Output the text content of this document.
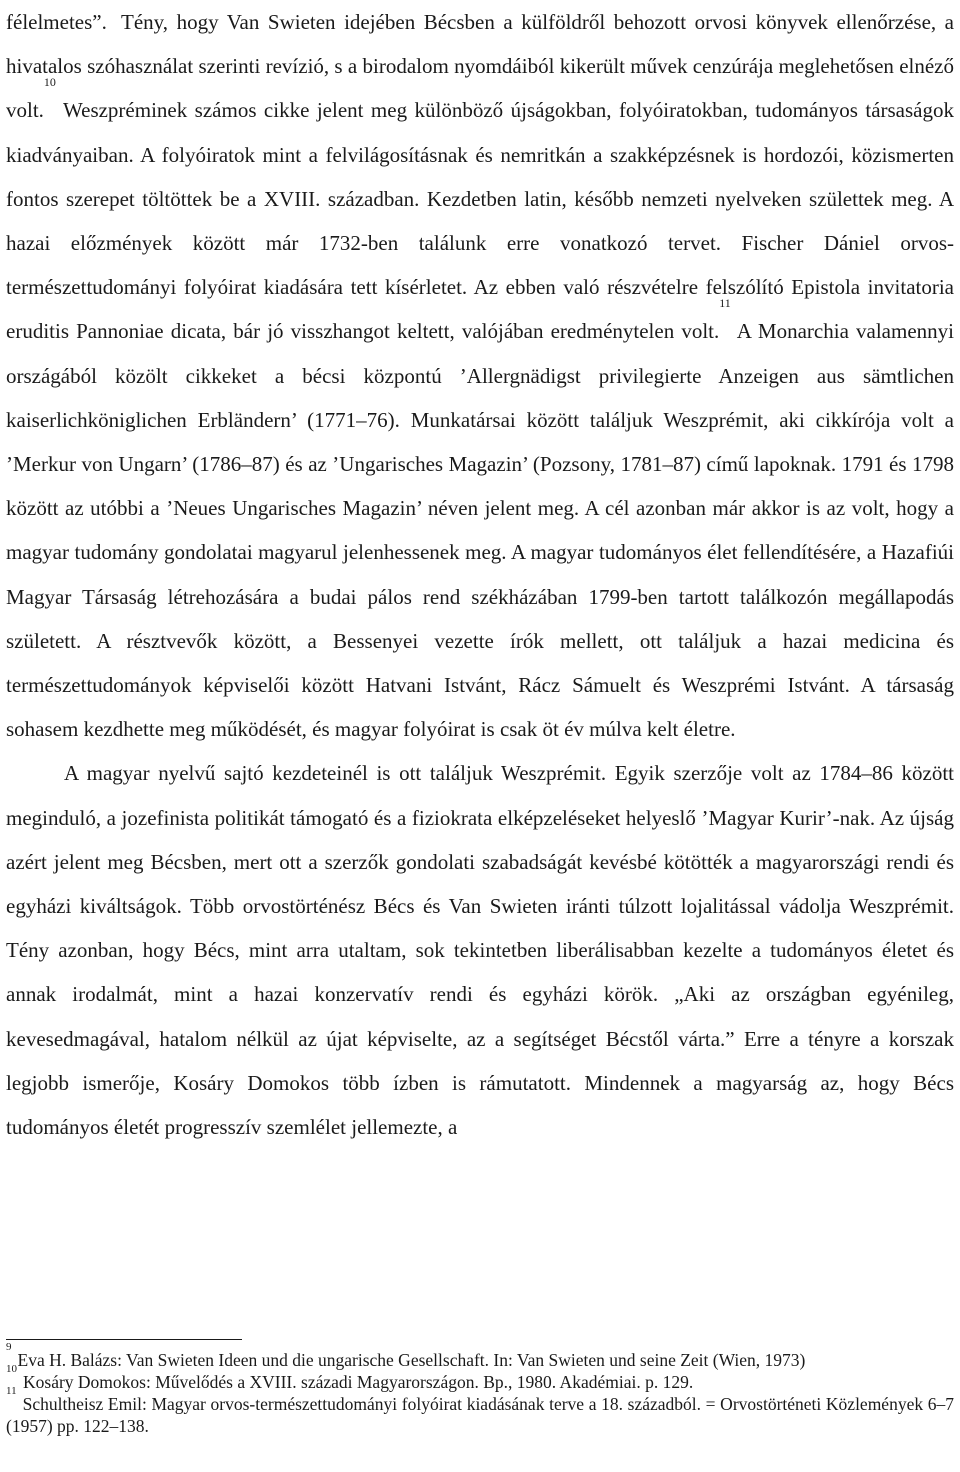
félelmetes”. Tény, hogy Van Swieten idejében Bécsben a külföldről behozott orvosi könyvek ellenőrzése, a hivatalos szóhasználat szerinti revízió, s a birodalom nyomdáiból kikerült művek cenzúrája meglehetősen elnéző volt.$^{10}$ Weszpréminek számos cikke jelent meg különböző újságokban, folyóiratokban, tudományos társaságok kiadványaiban. A folyóiratok mint a felvilágosításnak és nemritkán a szakképzésnek is hordozói, közismerten fontos szerepet töltöttek be a XVIII. században. Kezdetben latin, később nemzeti nyelveken születtek meg. A hazai előzmények között már 1732-ben találunk erre vonatkozó tervet. Fischer Dániel orvos-természettudományi folyóirat kiadására tett kísérletet. Az ebben való részvételre felszólító Epistola invitatoria eruditis Pannoniae dicata, bár jó visszhangot keltett, valójában eredménytelen volt.$^{11}$ A Monarchia valamennyi országából közölt cikkeket a bécsi központú ’Allergnädigst privilegierte Anzeigen aus sämtlichen kaiserlichköniglichen Erbländern’ (1771–76). Munkatársai között találjuk Weszprémit, aki cikkírója volt a ’Merkur von Ungarn’ (1786–87) és az ’Ungarisches Magazin’ (Pozsony, 1781–87) című lapoknak. 1791 és 1798 között az utóbbi a ’Neues Ungarisches Magazin’ néven jelent meg. A cél azonban már akkor is az volt, hogy a magyar tudomány gondolatai magyarul jelenhessenek meg. A magyar tudományos élet fellendítésére, a Hazafiúi Magyar Társaság létrehozására a budai pálos rend székházában 1799-ben tartott találkozón megállapodás született. A résztvevők között, a Bessenyei vezette írók mellett, ott találjuk a hazai medicina és természettudományok képviselői között Hatvani Istvánt, Rácz Sámuelt és Weszprémi Istvánt. A társaság sohasem kezdhette meg működését, és magyar folyóirat is csak öt év múlva kelt életre.

A magyar nyelvű sajtó kezdeteinél is ott találjuk Weszprémit. Egyik szerzője volt az 1784–86 között meginduló, a jozefinista politikát támogató és a fiziokrata elképzeléseket helyeslő ’Magyar Kurir’-nak. Az újság azért jelent meg Bécsben, mert ott a szerzők gondolati szabadságát kevésbé kötötték a magyarországi rendi és egyházi kiváltságok. Több orvostörténész Bécs és Van Swieten iránti túlzott lojalitással vádolja Weszprémit. Tény azonban, hogy Bécs, mint arra utaltam, sok tekintetben liberálisabban kezelte a tudományos életet és annak irodalmát, mint a hazai konzervatív rendi és egyházi körök. „Aki az országban egyénileg, kevesedmagával, hatalom nélkül az újat képviselte, az a segítséget Bécstől várta.” Erre a tényre a korszak legjobb ismerője, Kosáry Domokos több ízben is rámutatott. Mindennek a magyarság az, hogy Bécs tudományos életét progresszív szemlélet jellemezte, a

$^9$Eva H. Balázs: Van Swieten Ideen und die ungarische Gesellschaft. In: Van Swieten und seine Zeit (Wien, 1973)

$^{10}$Kosáry Domokos: Művelődés a XVIII. századi Magyarországon. Bp., 1980. Akadémiai. p. 129.

$^{11}$Schultheisz Emil: Magyar orvos-természettudományi folyóirat kiadásának terve a 18. századból. = Orvostörténeti Közlemények 6–7 (1957) pp. 122–138.
